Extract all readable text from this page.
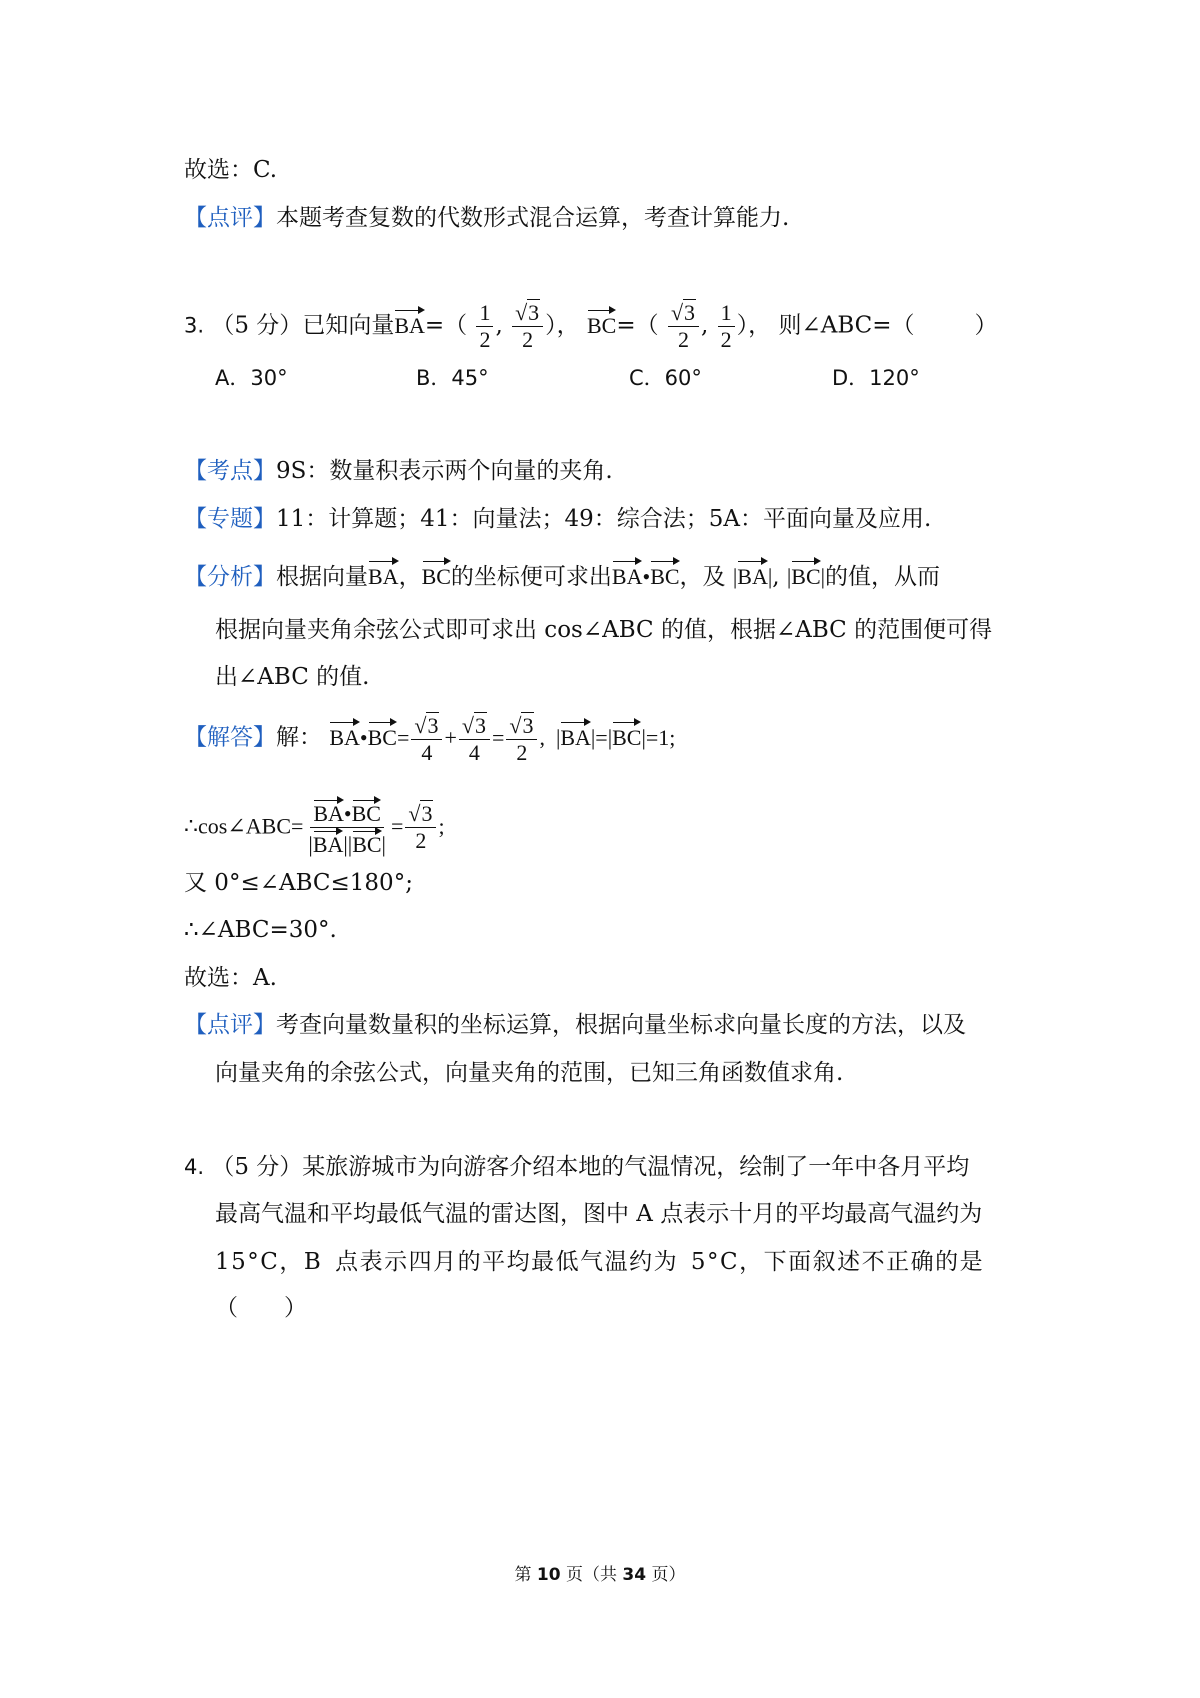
故选：C.
【点评】本题考查复数的代数形式混合运算，考查计算能力.
3. （5 分）已知向量$BA=( \frac{1}{2}$ , $\frac{√3}{2}$ ）， $BC=( \frac{√3}{2}$ , $\frac{1}{2}$ ）， 则∠ABC=（	）
A．30°	B．45°	C．60°	D．120°
【考点】9S：数量积表示两个向量的夹角.
【专题】11：计算题；41：向量法；49：综合法；5A：平面向量及应用.
【分析】根据向量BA，BC的坐标便可求出BA•BC，及 |BA|, |BC|的值，从而
根据向量夹角余弦公式即可求出 cos∠ABC 的值，根据∠ABC 的范围便可得
出∠ABC 的值.
【解答】解： BA•BC= $\frac{√3}{4} + \frac{√3}{4} = \frac{√3}{2}$ ,  |BA|=|BC|=1;
∴cos∠ABC= $\frac{BA•BC}{|BA||BC|} = \frac{√3}{2}$ ;
又 0°≤∠ABC≤180°;
∴∠ABC=30°.
故选：A.
【点评】考查向量数量积的坐标运算，根据向量坐标求向量长度的方法，以及
向量夹角的余弦公式，向量夹角的范围，已知三角函数值求角.
4. （5 分）某旅游城市为向游客介绍本地的气温情况，绘制了一年中各月平均
最高气温和平均最低气温的雷达图，图中 A 点表示十月的平均最高气温约为
15°C，B 点表示四月的平均最低气温约为 5°C，下面叙述不正确的是
（　　）
第 10 页（共 34 页）
